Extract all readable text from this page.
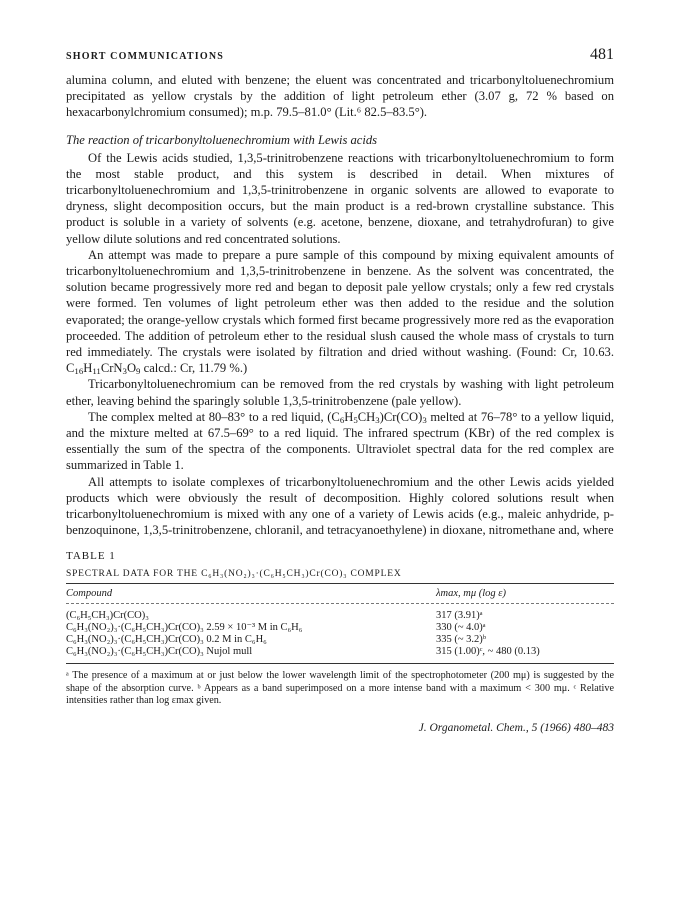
SHORT COMMUNICATIONS	481

alumina column, and eluted with benzene; the eluent was concentrated and tricarbonyltoluenechromium precipitated as yellow crystals by the addition of light petroleum ether (3.07 g, 72 % based on hexacarbonylchromium consumed); m.p. 79.5–81.0° (Lit.⁶ 82.5–83.5°).

The reaction of tricarbonyltoluenechromium with Lewis acids

Of the Lewis acids studied, 1,3,5-trinitrobenzene reactions with tricarbonyltoluenechromium to form the most stable product, and this system is described in detail. When mixtures of tricarbonyltoluenechromium and 1,3,5-trinitrobenzene in organic solvents are allowed to evaporate to dryness, slight decomposition occurs, but the main product is a red-brown crystalline substance. This product is soluble in a variety of solvents (e.g. acetone, benzene, dioxane, and tetrahydrofuran) to give yellow dilute solutions and red concentrated solutions.

An attempt was made to prepare a pure sample of this compound by mixing equivalent amounts of tricarbonyltoluenechromium and 1,3,5-trinitrobenzene in benzene. As the solvent was concentrated, the solution became progressively more red and began to deposit pale yellow crystals; only a few red crystals were formed. Ten volumes of light petroleum ether was then added to the residue and the solution evaporated; the orange-yellow crystals which formed first became progressively more red as the evaporation proceeded. The addition of petroleum ether to the residual slush caused the whole mass of crystals to turn red immediately. The crystals were isolated by filtration and dried without washing. (Found: Cr, 10.63. $C_{16}H_{11}CrN_3O_9$ calcd.: Cr, 11.79 %.)

Tricarbonyltoluenechromium can be removed from the red crystals by washing with light petroleum ether, leaving behind the sparingly soluble 1,3,5-trinitrobenzene (pale yellow).

The complex melted at 80–83° to a red liquid, $(C_6H_5CH_3)Cr(CO)_3$ melted at 76–78° to a yellow liquid, and the mixture melted at 67.5–69° to a red liquid. The infrared spectrum (KBr) of the red complex is essentially the sum of the spectra of the components. Ultraviolet spectral data for the red complex are summarized in Table 1.

All attempts to isolate complexes of tricarbonyltoluenechromium and the other Lewis acids yielded products which were obviously the result of decomposition. Highly colored solutions result when tricarbonyltoluenechromium is mixed with any one of a variety of Lewis acids (e.g., maleic anhydride, p-benzoquinone, 1,3,5-trinitrobenzene, chloranil, and tetracyanoethylene) in dioxane, nitromethane and, where

TABLE 1
SPECTRAL DATA FOR THE C₆H₃(NO₂)₃·(C₆H₅CH₃)Cr(CO)₃ COMPLEX
Compound	λmax, mμ (log ε)

(C₆H₅CH₃)Cr(CO)₃	317 (3.91)ᵃ
C₆H₃(NO₂)₃·(C₆H₅CH₃)Cr(CO)₃ 2.59 × 10⁻³ M in C₆H₆	330 (~ 4.0)ᵃ
C₆H₃(NO₂)₃·(C₆H₅CH₃)Cr(CO)₃ 0.2 M in C₆H₆	335 (~ 3.2)ᵇ
C₆H₃(NO₂)₃·(C₆H₅CH₃)Cr(CO)₃ Nujol mull	315 (1.00)ᶜ, ~ 480 (0.13)
ᵃ The presence of a maximum at or just below the lower wavelength limit of the spectrophotometer (200 mμ) is suggested by the shape of the absorption curve. ᵇ Appears as a band superimposed on a more intense band with a maximum < 300 mμ. ᶜ Relative intensities rather than log εmax given.
J. Organometal. Chem., 5 (1966) 480–483
